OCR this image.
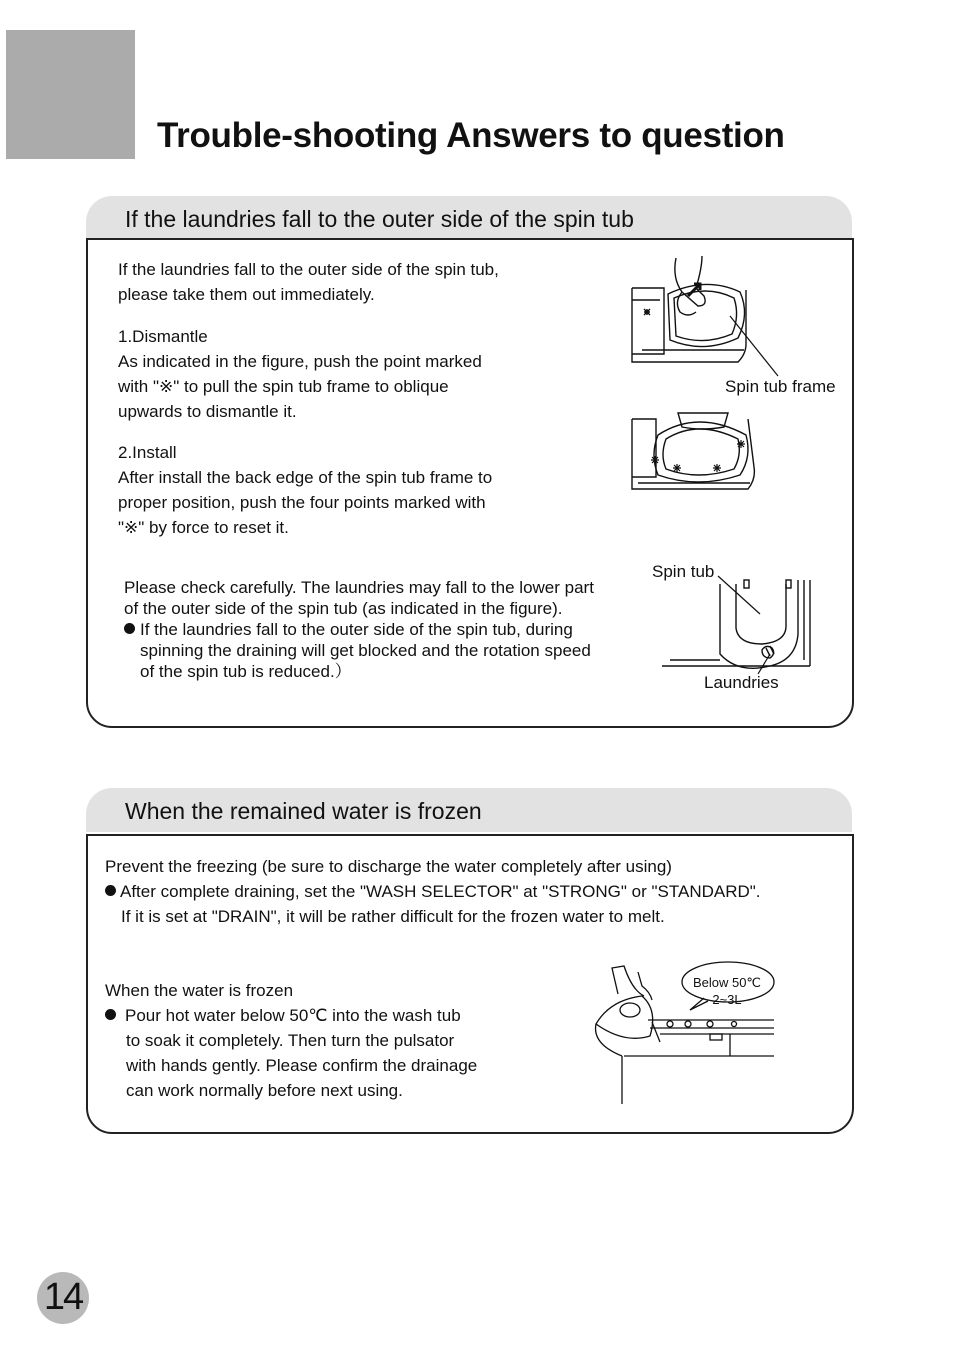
Trouble-shooting Answers to question
If the laundries fall to the outer side of the spin tub
If the laundries fall to the outer side of the spin tub,
please take them out immediately.
1.Dismantle
As indicated in the figure, push the point marked
with "※" to pull the spin tub frame to oblique
upwards to dismantle it.
2.Install
After install the back edge of the spin tub frame to
proper position, push the four points marked with
"※" by force to reset it.
Please check carefully. The laundries may fall to the lower part
of the outer side of the spin tub (as indicated in the figure).
If the laundries fall to the outer side of the spin tub, during
spinning the draining will get blocked and the rotation speed
of the spin tub is reduced.）
Spin tub frame
Spin tub
Laundries
When the remained water is frozen
Prevent the freezing (be sure to discharge the water completely after using)
After complete draining, set the "WASH SELECTOR" at "STRONG" or "STANDARD".
If it is set at "DRAIN", it will be rather difficult for the frozen water to melt.
When the water is frozen
Pour hot water below 50℃ into the wash tub
to soak it completely. Then turn the pulsator
with hands gently. Please confirm the drainage
can work normally before next using.
Below 50℃
2~3L
14
